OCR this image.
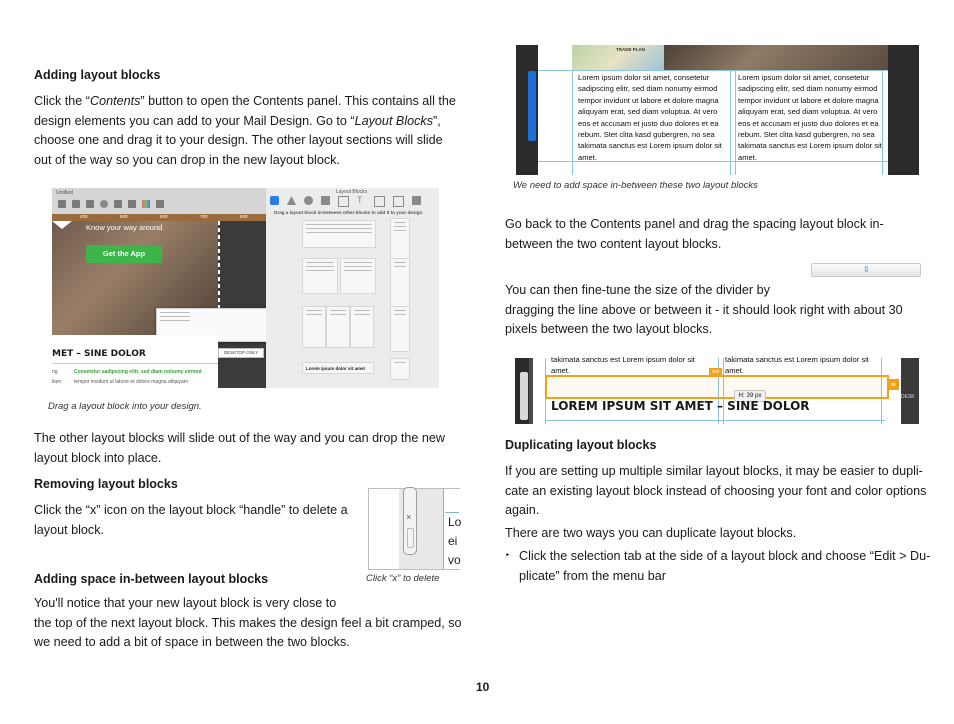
Adding layout blocks
Click the “Contents” button to open the Contents panel. This contains all the
design elements you can add to your Mail Design. Go to “Layout Blocks”,
choose one and drag it to your design. The other layout sections will slide
out of the way so you can drop in the new layout block.
Untitled
400	500	600	700	800
Know your way around
Get the App
MET – SINE DOLOR
ng	Consetetur sadipscing elitr, sed diam nonumy eirmod
liam	tempor invidunt ut labore et dolore magna aliquyam
DESKTOP ONLY
Layout Blocks
T
Drag a layout block in-between other blocks to add it to your design
Lorem ipsum dolor sit amet
Drag a layout block into your design.
The other layout blocks will slide out of the way and you can drop the new
layout block into place.
Removing layout blocks
Click the “x” icon on the layout block “handle” to delete a
layout block.
×	Lo
ei
vo
Click “x” to delete
Adding space in-between layout blocks
You'll notice that your new layout block is very close to
the top of the next layout block. This makes the design feel a bit cramped, so
we need to add a bit of space in between the two blocks.
TRADE PLAN
Lorem ipsum dolor sit amet, consetetur
sadipscing elitr, sed diam nonumy eirmod
tempor invidunt ut labore et dolore magna
aliquyam erat, sed diam voluptua. At vero
eos et accusam et justo duo dolores et ea
rebum. Stet clita kasd gubergren, no sea
takimata sanctus est Lorem ipsum dolor sit
amet.
Lorem ipsum dolor sit amet, consetetur
sadipscing elitr, sed diam nonumy eirmod
tempor invidunt ut labore et dolore magna
aliquyam erat, sed diam voluptua. At vero
eos et accusam et justo duo dolores et ea
rebum. Stet clita kasd gubergren, no sea
takimata sanctus est Lorem ipsum dolor sit
amet.
We need to add space in-between these two layout blocks
Go back to the Contents panel and drag the spacing layout block in-
between the two content layout blocks.
⇕
You can then fine-tune the size of the divider by
dragging the line above or between it - it should look right with about 30
pixels between the two layout blocks.
takimata sanctus est Lorem ipsum dolor sit	takimata sanctus est Lorem ipsum dolor sit
amet.	amet.
400
39
H: 39 px
LOREM IPSUM SIT AMET – SINE DOLOR
DESK
Duplicating layout blocks
If you are setting up multiple similar layout blocks, it may be easier to dupli-
cate an existing layout block instead of choosing your font and color options
again.
There are two ways you can duplicate layout blocks.
‣ Click the selection tab at the side of a layout block and choose “Edit > Du-
plicate” from the menu bar
10
